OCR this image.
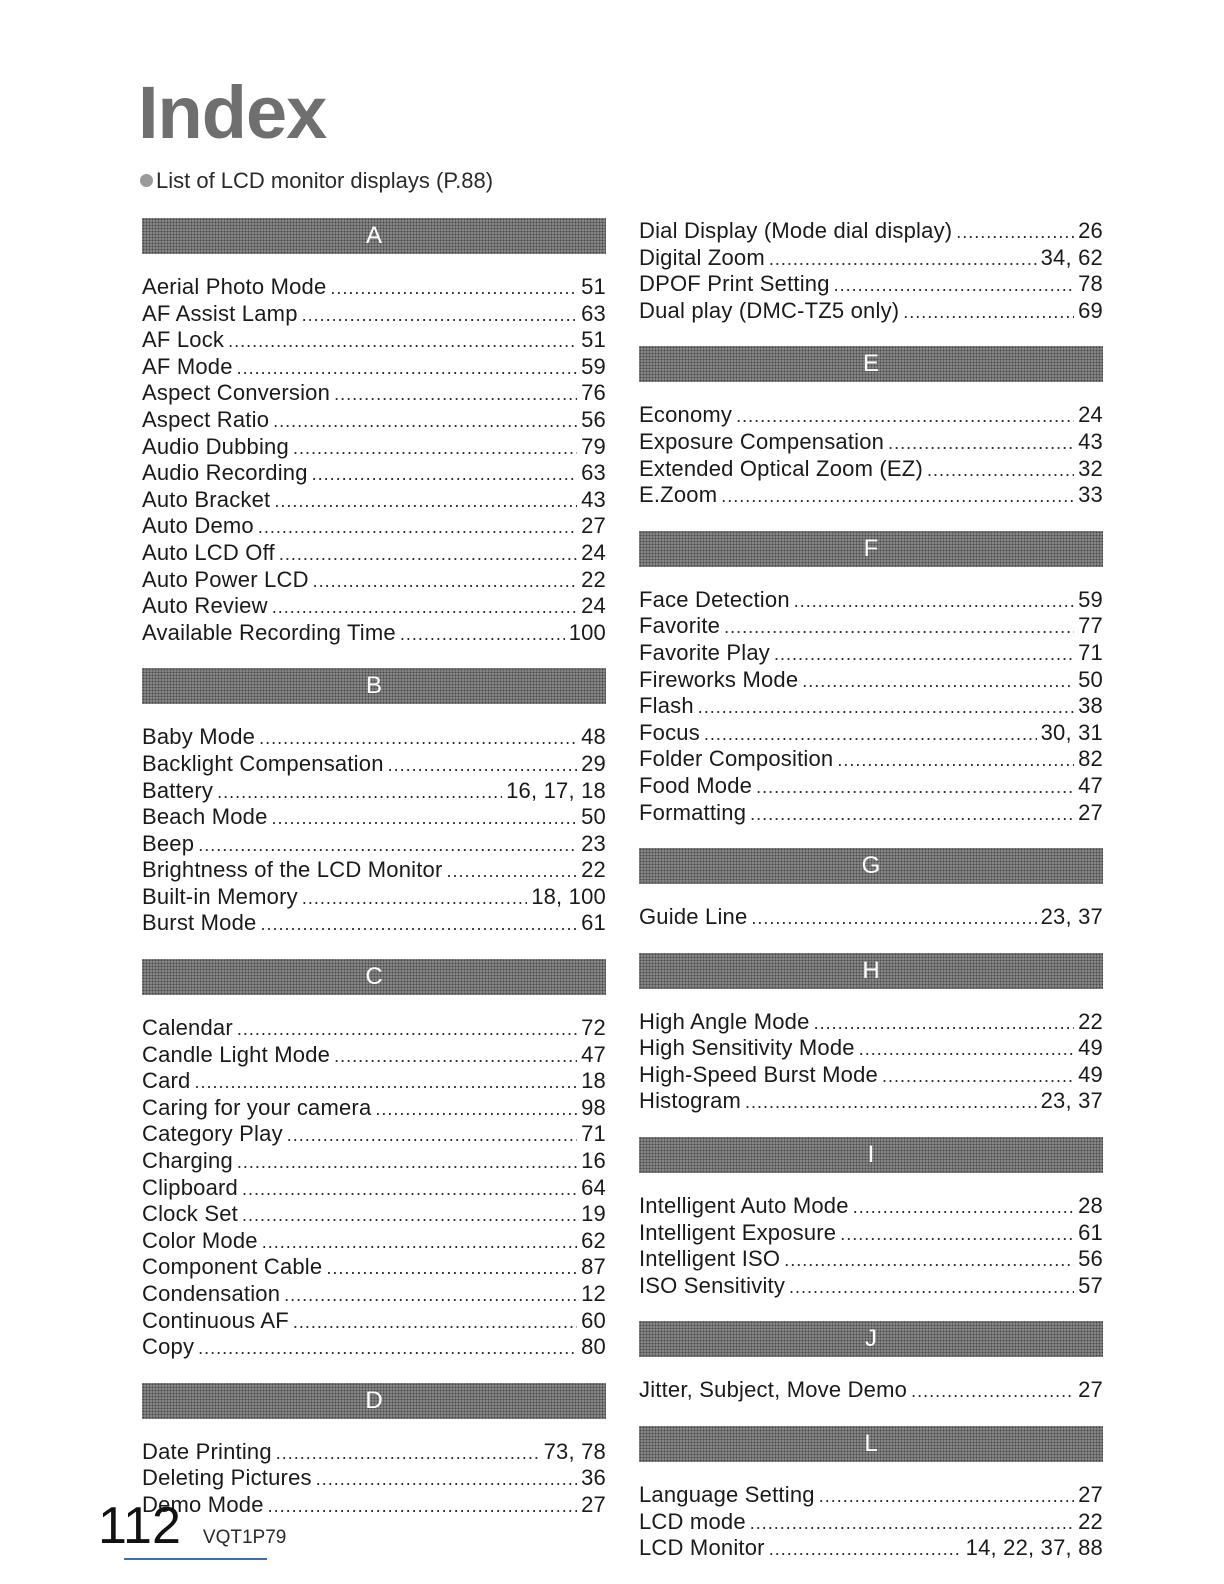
Index
List of LCD monitor displays (P.88)
A
Aerial Photo Mode .....	51
AF Assist Lamp .....	63
AF Lock .....	51
AF Mode .....	59
Aspect Conversion .....	76
Aspect Ratio .....	56
Audio Dubbing .....	79
Audio Recording .....	63
Auto Bracket .....	43
Auto Demo .....	27
Auto LCD Off .....	24
Auto Power LCD .....	22
Auto Review .....	24
Available Recording Time .....	100
B
Baby Mode .....	48
Backlight Compensation .....	29
Battery .....	16, 17, 18
Beach Mode .....	50
Beep .....	23
Brightness of the LCD Monitor .....	22
Built-in Memory .....	18, 100
Burst Mode .....	61
C
Calendar .....	72
Candle Light Mode .....	47
Card .....	18
Caring for your camera .....	98
Category Play .....	71
Charging .....	16
Clipboard .....	64
Clock Set .....	19
Color Mode .....	62
Component Cable .....	87
Condensation .....	12
Continuous AF .....	60
Copy .....	80
D
Date Printing .....	73, 78
Deleting Pictures .....	36
Demo Mode .....	27
Dial Display (Mode dial display) .....	26
Digital Zoom .....	34, 62
DPOF Print Setting .....	78
Dual play (DMC-TZ5 only) .....	69
E
Economy .....	24
Exposure Compensation .....	43
Extended Optical Zoom (EZ) .....	32
E.Zoom .....	33
F
Face Detection .....	59
Favorite .....	77
Favorite Play .....	71
Fireworks Mode .....	50
Flash .....	38
Focus .....	30, 31
Folder Composition .....	82
Food Mode .....	47
Formatting .....	27
G
Guide Line .....	23, 37
H
High Angle Mode .....	22
High Sensitivity Mode .....	49
High-Speed Burst Mode .....	49
Histogram .....	23, 37
I
Intelligent Auto Mode .....	28
Intelligent Exposure .....	61
Intelligent ISO .....	56
ISO Sensitivity .....	57
J
Jitter, Subject, Move Demo .....	27
L
Language Setting .....	27
LCD mode .....	22
LCD Monitor .....	14, 22, 37, 88
112 VQT1P79
